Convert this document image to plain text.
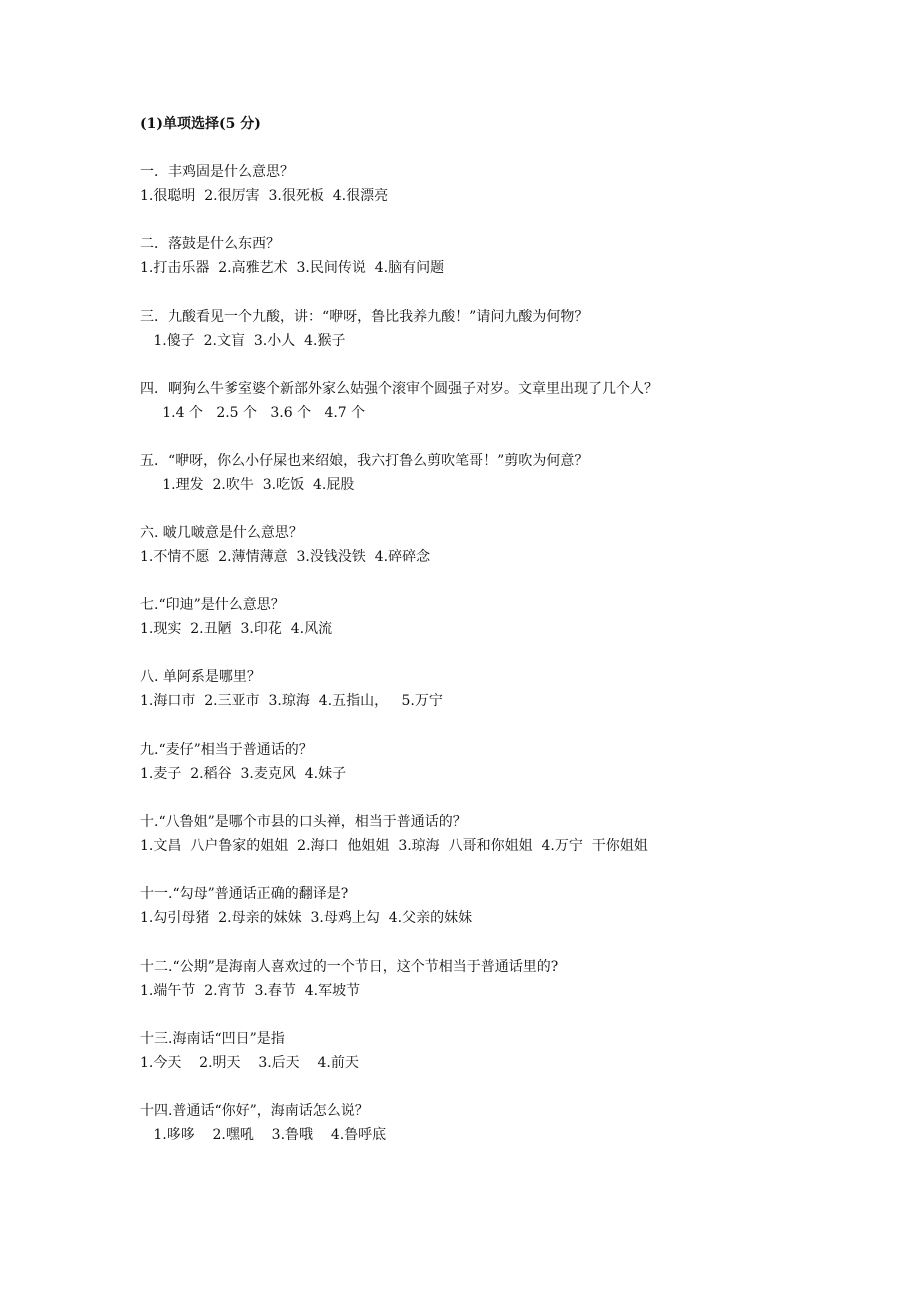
(1)单项选择(5 分)

一．丰鸡固是什么意思？

1.很聪明  2.很厉害  3.很死板  4.很漂亮

二．落鼓是什么东西？

1.打击乐器  2.高雅艺术  3.民间传说  4.脑有问题

三．九酸看见一个九酸，讲：“咿呀，鲁比我养九酸！”请问九酸为何物？

1.傻子  2.文盲  3.小人  4.猴子

四．啊狗么牛爹室婆个新部外家么姑强个滚审个圆强子对岁。文章里出现了几个人？

1.4 个   2.5 个   3.6 个   4.7 个

五．“咿呀，你么小仔屎也来绍娘，我六打鲁么剪吹笔哥！”剪吹为何意？

1.理发  2.吹牛  3.吃饭  4.屁股

六. 啵几啵意是什么意思？

1.不情不愿  2.薄情薄意  3.没钱没铁  4.碎碎念

七.“印迪”是什么意思？

1.现实  2.丑陋  3.印花  4.风流

八. 单阿系是哪里？

1.海口市  2.三亚市  3.琼海  4.五指山，   5.万宁

九.“麦仔”相当于普通话的？

1.麦子  2.稻谷  3.麦克风  4.妹子

十.“八鲁姐”是哪个市县的口头禅，相当于普通话的？

1.文昌  八户鲁家的姐姐  2.海口  他姐姐  3.琼海  八哥和你姐姐  4.万宁  干你姐姐

十一.“勾母”普通话正确的翻译是?

1.勾引母猪  2.母亲的妹妹  3.母鸡上勾  4.父亲的妹妹

十二.“公期”是海南人喜欢过的一个节日，这个节相当于普通话里的?

1.端午节  2.宵节  3.春节  4.军坡节

十三.海南话“凹日”是指

1.今天    2.明天    3.后天    4.前天

十四.普通话“你好”，海南话怎么说？

1.哆哆    2.嘿吼    3.鲁哦    4.鲁呼底
